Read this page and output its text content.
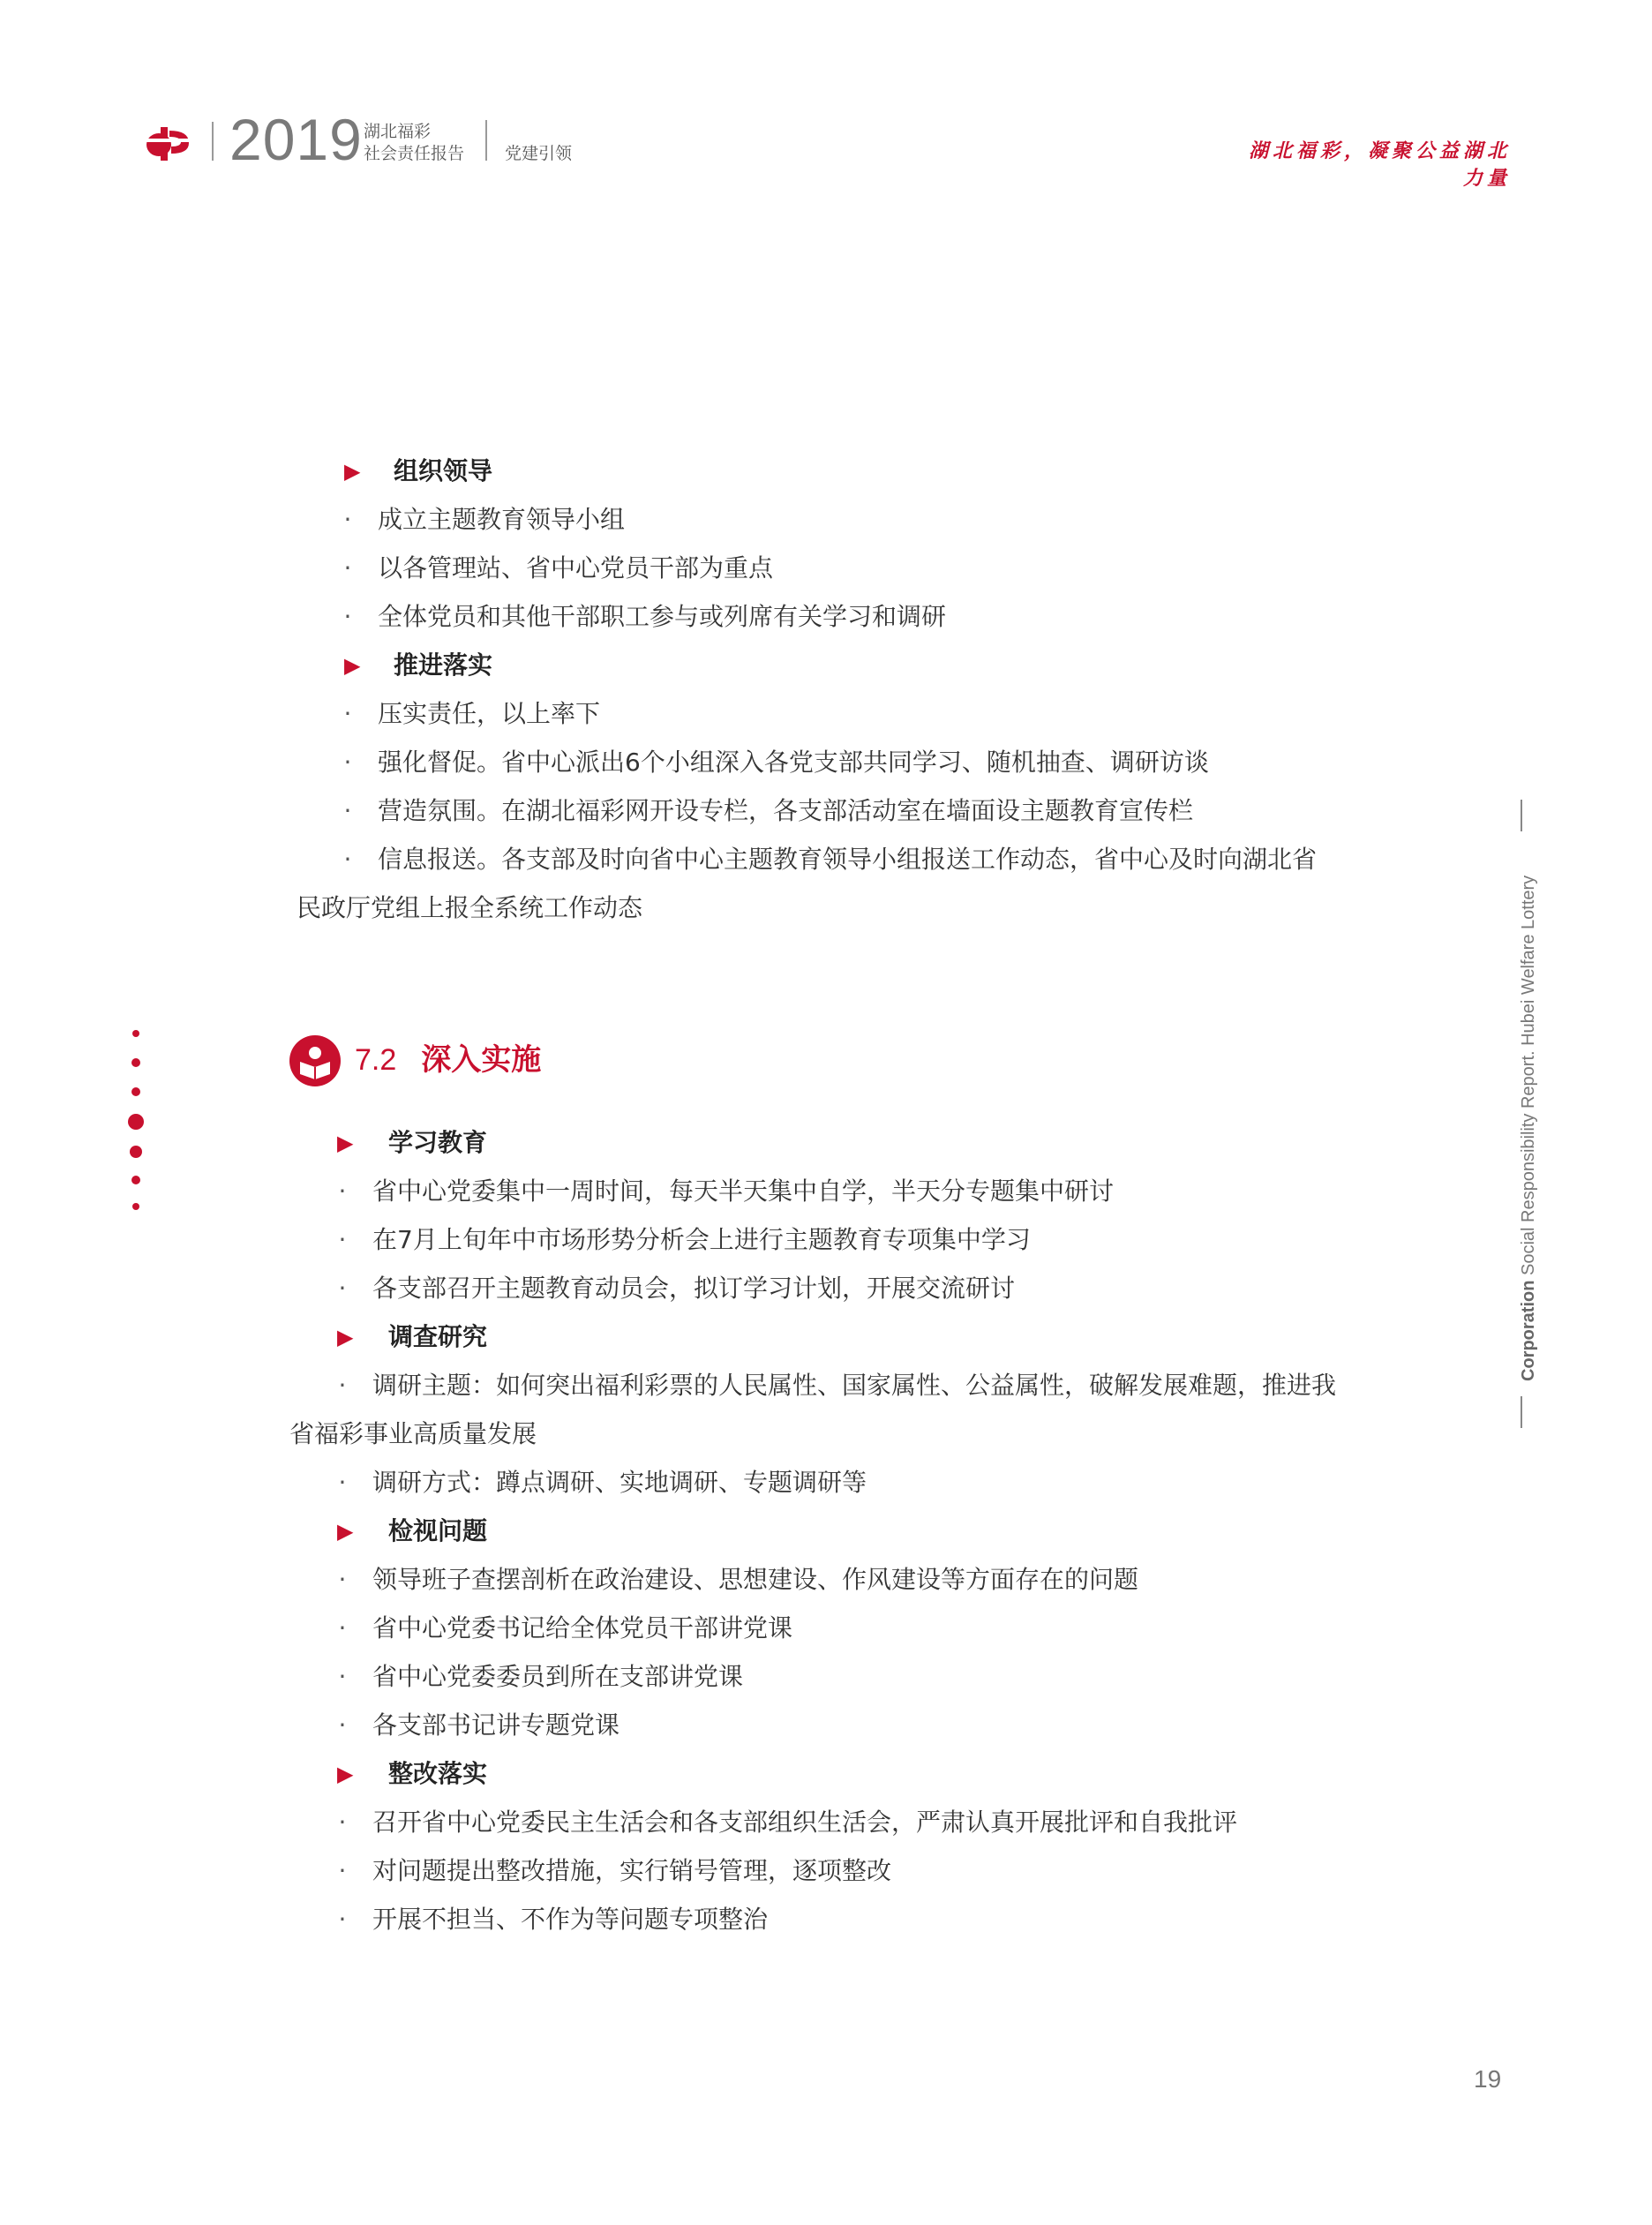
2019 湖北福彩
社会责任报告 党建引领	湖北福彩，凝聚公益湖北力量
▶ 组织领导
· 成立主题教育领导小组
· 以各管理站、省中心党员干部为重点
· 全体党员和其他干部职工参与或列席有关学习和调研
▶ 推进落实
· 压实责任，以上率下
· 强化督促。省中心派出6个小组深入各党支部共同学习、随机抽查、调研访谈
· 营造氛围。在湖北福彩网开设专栏，各支部活动室在墙面设主题教育宣传栏
· 信息报送。各支部及时向省中心主题教育领导小组报送工作动态，省中心及时向湖北省
民政厅党组上报全系统工作动态
7.2 深入实施
▶ 学习教育
· 省中心党委集中一周时间，每天半天集中自学，半天分专题集中研讨
· 在7月上旬年中市场形势分析会上进行主题教育专项集中学习
· 各支部召开主题教育动员会，拟订学习计划，开展交流研讨
▶ 调查研究
· 调研主题：如何突出福利彩票的人民属性、国家属性、公益属性，破解发展难题，推进我
省福彩事业高质量发展
· 调研方式：蹲点调研、实地调研、专题调研等
▶ 检视问题
· 领导班子查摆剖析在政治建设、思想建设、作风建设等方面存在的问题
· 省中心党委书记给全体党员干部讲党课
· 省中心党委委员到所在支部讲党课
· 各支部书记讲专题党课
▶ 整改落实
· 召开省中心党委民主生活会和各支部组织生活会，严肃认真开展批评和自我批评
· 对问题提出整改措施，实行销号管理，逐项整改
· 开展不担当、不作为等问题专项整治
Corporation Social Responsibility Report. Hubei Welfare Lottery
19
